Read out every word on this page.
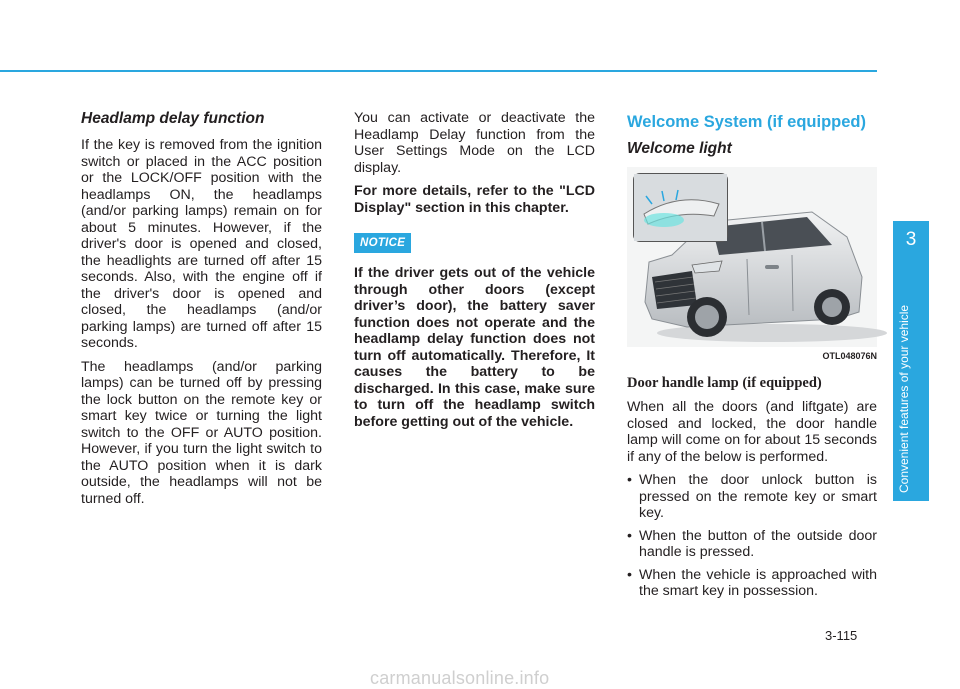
Headlamp delay function

If the key is removed from the ignition switch or placed in the ACC position or the LOCK/OFF position with the headlamps ON, the headlamps (and/or parking lamps) remain on for about 5 minutes. However, if the driver's door is opened and closed, the headlights are turned off after 15 seconds. Also, with the engine off if the driver's door is opened and closed, the headlamps (and/or parking lamps) are turned off after 15 seconds.

The headlamps (and/or parking lamps) can be turned off by pressing the lock button on the remote key or smart key twice or turning the light switch to the OFF or AUTO position. However, if you turn the light switch to the AUTO position when it is dark outside, the headlamps will not be turned off.

You can activate or deactivate the Headlamp Delay function from the User Settings Mode on the LCD display.

For more details, refer to the "LCD Display" section in this chapter.

NOTICE

If the driver gets out of the vehicle through other doors (except driver’s door), the battery saver function does not operate and the headlamp delay function does not turn off automatically. Therefore, It causes the battery to be discharged. In this case, make sure to turn off the headlamp switch before getting out of the vehicle.

Welcome System (if equipped)

Welcome light

OTL048076N

Door handle lamp (if equipped)

When all the doors (and liftgate) are closed and locked, the door handle lamp will come on for about 15 seconds if any of the below is performed.

• When the door unlock button is pressed on the remote key or smart key.
• When the button of the outside door handle is pressed.
• When the vehicle is approached with the smart key in possession.
3
Convenient features of your vehicle
3-115
carmanualsonline.info
